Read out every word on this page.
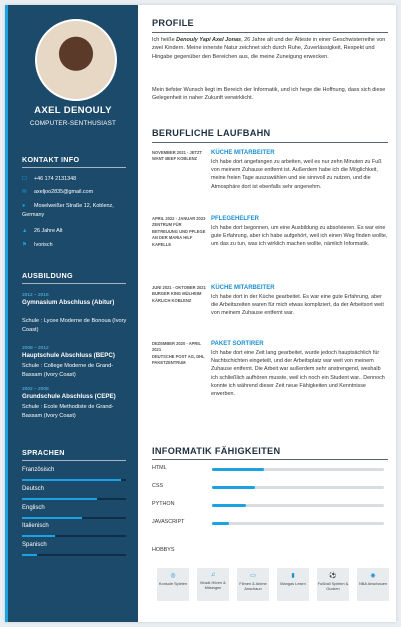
AXEL DENOULY
COMPUTER-SENTHUSIAST
KONTAKT INFO
☐ +46 174 2131348
✉ axeljoo2835@gmail.com
● Moselweißer Straße 12, Koblenz, Germany
▲ 26 Jahre Alt
⚑ Ivorisch
AUSBILDUNG
2012 – 2016
Gymnasium Abschluss (Abitur)
Schule : Lycee Moderne de Bonoua (Ivory Coast)
2008 – 2012
Hauptschule Abschluss (BEPC)
Schule : College Moderne de Grand-Bassam (Ivory Coast)
2002 – 2008
Grundschule Abschluss (CEPE)
Schule : Ecole Methodiste de Grand-Bassam (Ivory Coast)
SPRACHEN
Französisch
Deutsch
Englisch
Italienisch
Spanisch
PROFILE
Ich heiße Denouly Yapi Axel Jonas, 26 Jahre alt und der Älteste in einer Geschwisterreihe von zwei Kindern. Meine innerste Natur zeichnet sich durch Ruhe, Zuverlässigkeit, Respekt und Hingabe gegenüber den Bereichen aus, die meine Zuneigung erwecken.
Mein tiefster Wunsch liegt im Bereich der Informatik, und ich hege die Hoffnung, dass sich diese Gelegenheit in naher Zukunft verwirklicht.
BERUFLICHE LAUFBAHN
NOVEMBER 2021 - JETZT
WANT BEEF KOBLENZ
KÜCHE MITARBEITER
Ich habe dort angefangen zu arbeiten, weil es nur zehn Minuten zu Fuß von meinem Zuhause entfernt ist. Außerdem habe ich die Möglichkeit, meine freien Tage auszuwählen und sie sinnvoll zu nutzen, und die Atmosphäre dort ist ebenfalls sehr angenehm.
APRIL 2022 - JANUAR 2023
ZENTRUM FÜR BETREUUNG UND PFLEGE AN DER MARIA HILF KAPELLE
PFLEGEHELFER
Ich habe dort begonnen, um eine Ausbildung zu absolvieren. Es war eine gute Erfahrung, aber ich habe aufgehört, weil ich einen Weg finden wollte, um das zu tun, was ich wirklich machen wollte, nämlich Informatik.
JUNI 2021 - OKTOBER 2021
BURGER KING MÜLHEIM KÄRLICH KOBLENZ
KÜCHE MITARBEITER
Ich habe dort in der Küche gearbeitet. Es war eine gute Erfahrung, aber die Arbeitszeiten waren für mich etwas kompliziert, da der Arbeitsort weit von meinem Zuhause entfernt war.
DEZEMBER 2020 - APRIL 2021
DEUTSCHE POST AG, DHL PAKETZENTRUM
PAKET SORTIRER
Ich habe dort eine Zeit lang gearbeitet, wurde jedoch hauptsächlich für Nachtschichten eingeteilt, und der Arbeitsplatz war weit von meinem Zuhause entfernt. Die Arbeit war außerdem sehr anstrengend, weshalb ich schließlich aufhören musste, weil ich noch ein Student war.. Dennoch konnte ich während dieser Zeit neue Fähigkeiten und Kenntnisse erwerben.
INFORMATIK FÄHIGKEITEN
HTML
CSS
PYTHON
JAVASCRIPT
HOBBYS
◎
Konsole Spielen
♫
Musik Hören & Mitsingen
▭
Filmen & Anime Anschaun
▮
Mangas Lesen
⚽
Fußball Spielen & Gucken
◉
NBA Anschauen
